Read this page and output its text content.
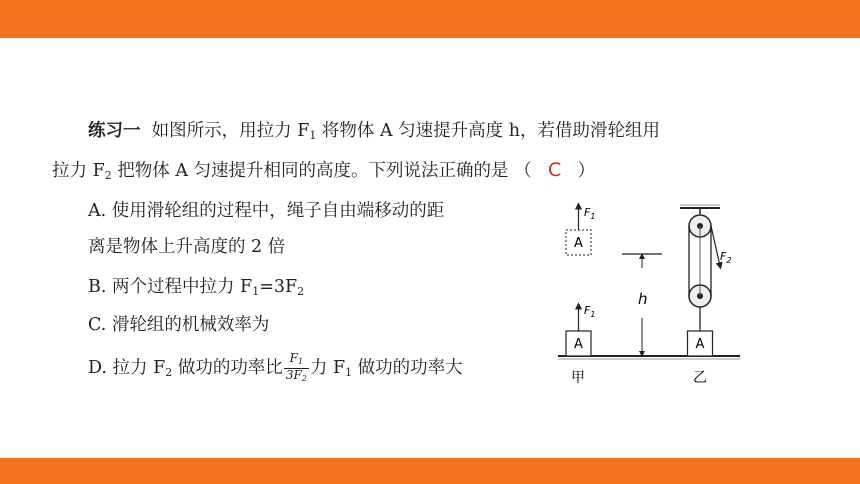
练习一 如图所示，用拉力 $F_1$ 将物体 A 匀速提升高度 h，若借助滑轮组用
拉力 $F_2$ 把物体 A 匀速提升相同的高度。下列说法正确的是 （ C ）
A. 使用滑轮组的过程中，绳子自由端移动的距
离是物体上升高度的 2 倍
B. 两个过程中拉力 $F_1=3F_2$
C. 滑轮组的机械效率为
D. 拉力 $F_2$ 做功的功率比 $\frac{F_1}{3F_2}$ 力 $F_1$ 做功的功率大
A
$F_1$
A
$F_1$
h
$F_2$
A
甲	乙
